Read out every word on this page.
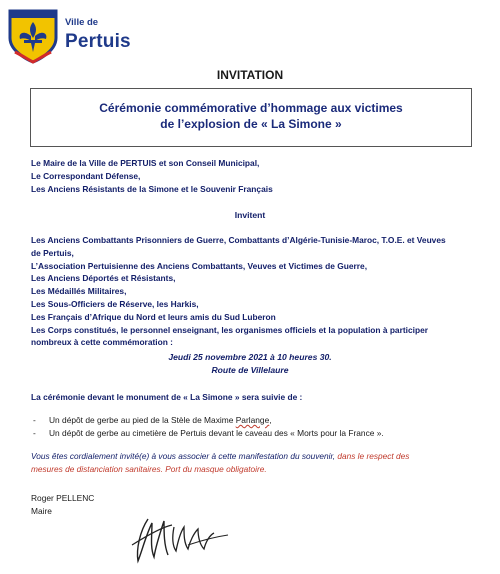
Ville de
Pertuis
INVITATION
Cérémonie commémorative d’hommage aux victimes
de l’explosion de « La Simone »
Le Maire de la Ville de PERTUIS et son Conseil Municipal,
Le Correspondant Défense,
Les Anciens Résistants de la Simone et le Souvenir Français
Invitent
Les Anciens Combattants Prisonniers de Guerre, Combattants d’Algérie-Tunisie-Maroc, T.O.E. et Veuves
de Pertuis,
L’Association Pertuisienne des Anciens Combattants, Veuves et Victimes de Guerre,
Les Anciens Déportés et Résistants,
Les Médaillés Militaires,
Les Sous-Officiers de Réserve, les Harkis,
Les Français d’Afrique du Nord et leurs amis du Sud Luberon
Les Corps constitués, le personnel enseignant, les organismes officiels et la population à participer
nombreux à cette commémoration :
Jeudi 25 novembre 2021 à 10 heures 30.
Route de Villelaure
La cérémonie devant le monument de « La Simone » sera suivie de :
- Un dépôt de gerbe au pied de la Stèle de Maxime Parlange,
- Un dépôt de gerbe au cimetière de Pertuis devant le caveau des « Morts pour la France ».
Vous êtes cordialement invité(e) à vous associer à cette manifestation du souvenir, dans le respect des
mesures de distanciation sanitaires. Port du masque obligatoire.
Roger PELLENC
Maire
